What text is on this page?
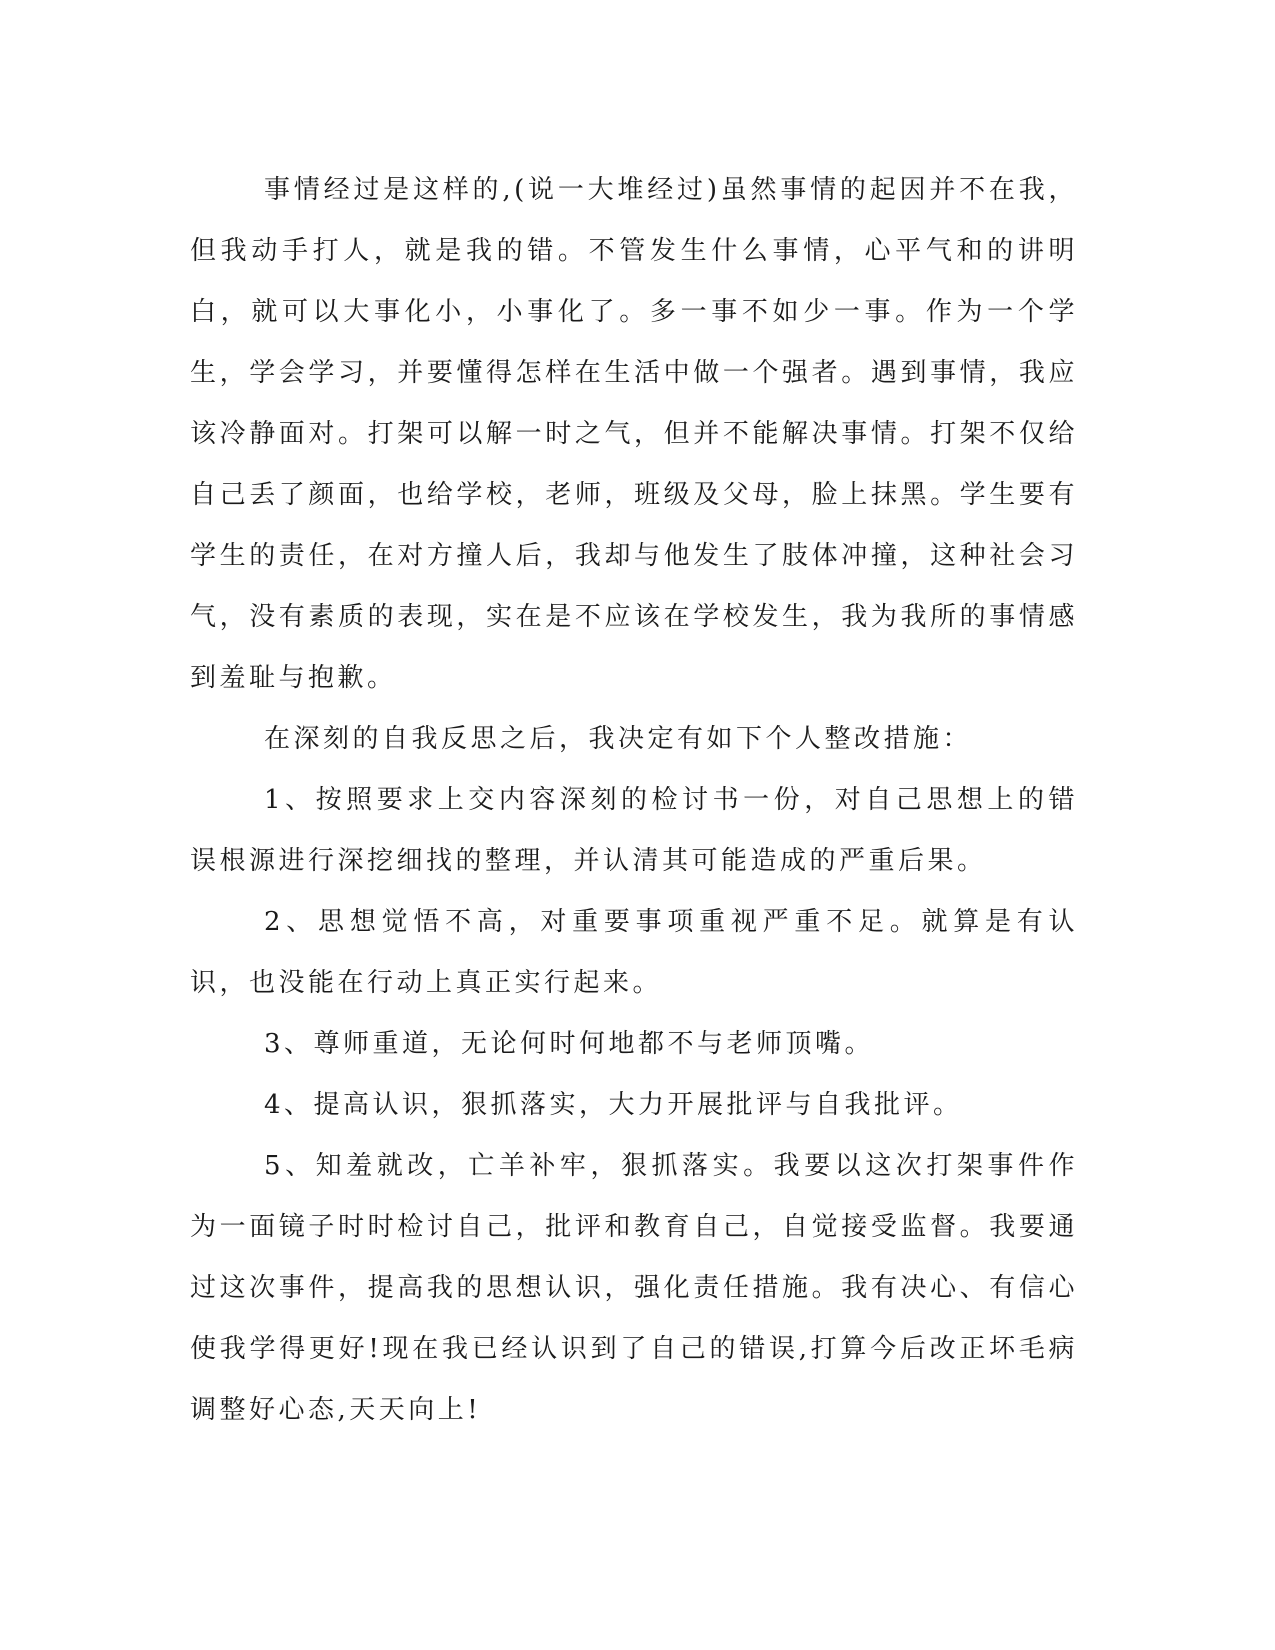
事情经过是这样的,(说一大堆经过)虽然事情的起因并不在我，但我动手打人，就是我的错。不管发生什么事情，心平气和的讲明白，就可以大事化小，小事化了。多一事不如少一事。作为一个学生，学会学习，并要懂得怎样在生活中做一个强者。遇到事情，我应该冷静面对。打架可以解一时之气，但并不能解决事情。打架不仅给自己丢了颜面，也给学校，老师，班级及父母，脸上抹黑。学生要有学生的责任，在对方撞人后，我却与他发生了肢体冲撞，这种社会习气，没有素质的表现，实在是不应该在学校发生，我为我所的事情感到羞耻与抱歉。

在深刻的自我反思之后，我决定有如下个人整改措施：

1、按照要求上交内容深刻的检讨书一份，对自己思想上的错误根源进行深挖细找的整理，并认清其可能造成的严重后果。

2、思想觉悟不高，对重要事项重视严重不足。就算是有认识，也没能在行动上真正实行起来。

3、尊师重道，无论何时何地都不与老师顶嘴。

4、提高认识，狠抓落实，大力开展批评与自我批评。

5、知羞就改，亡羊补牢，狠抓落实。我要以这次打架事件作为一面镜子时时检讨自己，批评和教育自己，自觉接受监督。我要通过这次事件，提高我的思想认识，强化责任措施。我有决心、有信心使我学得更好!现在我已经认识到了自己的错误,打算今后改正坏毛病调整好心态,天天向上!
